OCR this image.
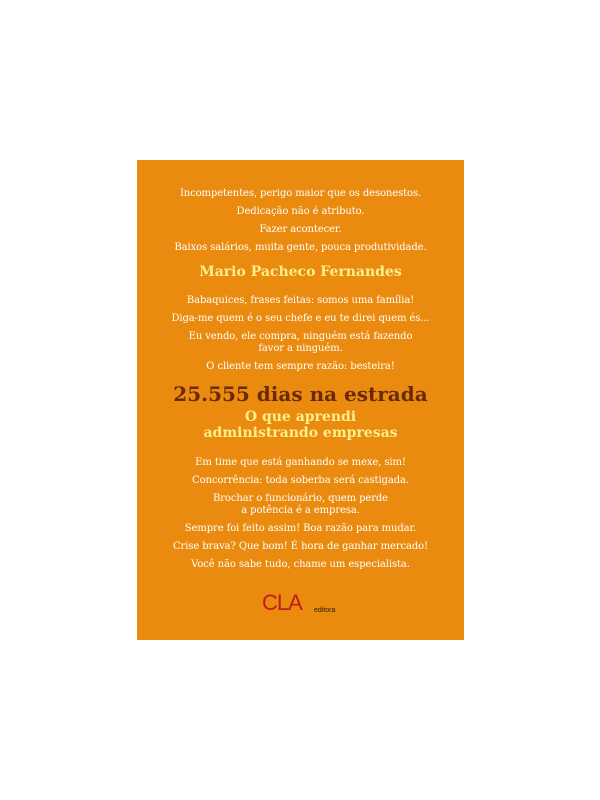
Incompetentes, perigo maior que os desonestos.
Dedicação não é atributo.
Fazer acontecer.
Baixos salários, muita gente, pouca produtividade.
Mario Pacheco Fernandes
Babaquices, frases feitas: somos uma família!
Diga-me quem é o seu chefe e eu te direi quem és...
Eu vendo, ele compra, ninguém está fazendo
favor a ninguém.
O cliente tem sempre razão: besteira!
25.555 dias na estrada
O que aprendi
administrando empresas
Em time que está ganhando se mexe, sim!
Concorrência: toda soberba será castigada.
Brochar o funcionário, quem perde
a potência é a empresa.
Sempre foi feito assim! Boa razão para mudar.
Crise brava? Que bom! É hora de ganhar mercado!
Você não sabe tudo, chame um especialista.
CLA editora
